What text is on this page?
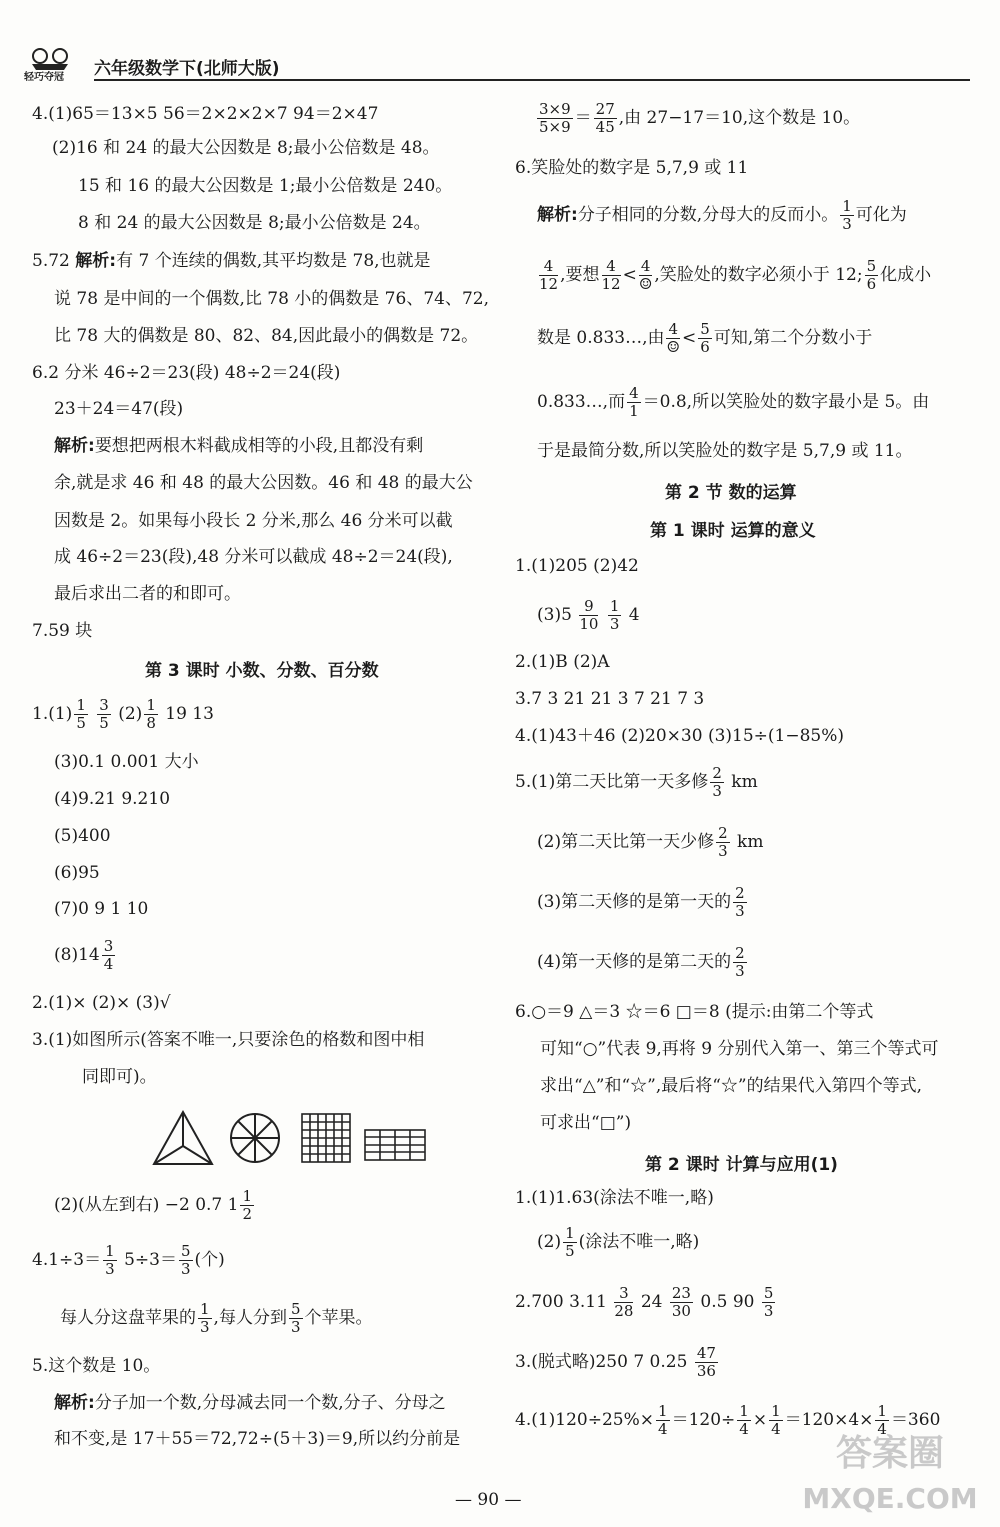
轻巧夺冠 六年级数学下(北师大版)
4.(1)65＝13×5 56＝2×2×2×7 94＝2×47
(2)16 和 24 的最大公因数是 8;最小公倍数是 48。
15 和 16 的最大公因数是 1;最小公倍数是 240。
8 和 24 的最大公因数是 8;最小公倍数是 24。
5.72 解析:有 7 个连续的偶数,其平均数是 78,也就是
说 78 是中间的一个偶数,比 78 小的偶数是 76、74、72,
比 78 大的偶数是 80、82、84,因此最小的偶数是 72。
6.2 分米 46÷2＝23(段) 48÷2＝24(段)
23＋24＝47(段)
解析:要想把两根木料截成相等的小段,且都没有剩
余,就是求 46 和 48 的最大公因数。46 和 48 的最大公
因数是 2。如果每小段长 2 分米,那么 46 分米可以截
成 46÷2＝23(段),48 分米可以截成 48÷2＝24(段),
最后求出二者的和即可。
7.59 块
第 3 课时 小数、分数、百分数
$1.(1) \frac{1}{5}$
$\frac{3}{5} (2) \frac{1}{8} 19$ 13
(3)0.1 0.001 大小
(4)9.21 9.210
(5)400
(6)95
(7)0 9 1 10
$(8)14 \frac{3}{4}$
2.(1)× (2)× (3)√
3.(1)如图所示(答案不唯一,只要涂色的格数和图中相
同即可)。
(2)(从左到右) −2 0.7 $1 \frac{1}{2}$
$4.1\div 3= \frac{1}{3} 5\div 3= \frac{5}{3}$ (个)
每人分这盘苹果的 $\frac{1}{3}$ ,每人分到 $\frac{5}{3}$ 个苹果。
5.这个数是 10。
解析:分子加一个数,分母减去同一个数,分子、分母之
和不变,是 17＋55＝72,72÷(5＋3)＝9,所以约分前是
$\frac{3\times 9}{5\times 9} = \frac{27}{45}$ ,由 27−17＝10,这个数是 10。
6.笑脸处的数字是 5,7,9 或 11
解析:分子相同的分数,分母大的反而小。 $\frac{1}{3}$ 可化为
$\frac{4}{12}$ ,要想 $\frac{4}{12} < 4$
☺ ,笑脸处的数字必须小于 12; $\frac{5}{6}$ 化成小
数是 0.833…,由 4
☺ < $\frac{5}{6}$ 可知,第二个分数小于
0.833…,而 $\frac{4}{1} =0.8$,所以笑脸处的数字最小是 5。由
于是最简分数,所以笑脸处的数字是 5,7,9 或 11。
第 2 节 数的运算
第 1 课时 运算的意义
1.(1)205 (2)42
$(3)5 \frac{9}{10}$
$\frac{1}{3} 4$
2.(1)B (2)A
3.7 3 21 21 3 7 21 7 3
4.(1)43＋46 (2)20×30 (3)15÷(1−85%)
5.(1)第二天比第一天多修 $\frac{2}{3}$ km
(2)第二天比第一天少修 $\frac{2}{3}$ km
(3)第二天修的是第一天的 $\frac{2}{3}$
(4)第一天修的是第二天的 $\frac{2}{3}$
6.○＝9 △＝3 ☆＝6 □＝8 (提示:由第二个等式
可知“○”代表 9,再将 9 分别代入第一、第三个等式可
求出“△”和“☆”,最后将“☆”的结果代入第四个等式,
可求出“□”)
第 2 课时 计算与应用(1)
1.(1)1.63(涂法不唯一,略)
$(2) \frac{1}{5}$ (涂法不唯一,略)
2.700 $3.11 \frac{3}{28} 24 \frac{23}{30} 0.5$ $90 \frac{5}{3}$
3.(脱式略)250 7 $0.25 \frac{47}{36}$
$4.(1)120\div 25\%\times \frac{1}{4} =120\div \frac{1}{4} \times \frac{1}{4} =120\times 4\times \frac{1}{4} =360$
— 90 —
答案圈
MXQE.COM
